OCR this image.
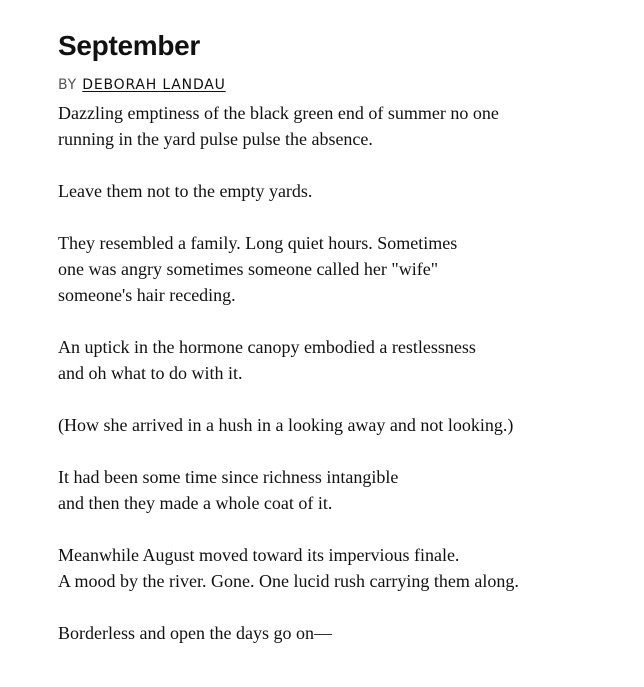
September
BY DEBORAH LANDAU

Dazzling emptiness of the black green end of summer no one
running in the yard pulse pulse the absence.

Leave them not to the empty yards.

They resembled a family. Long quiet hours. Sometimes
one was angry sometimes someone called her "wife"
someone's hair receding.

An uptick in the hormone canopy embodied a restlessness
and oh what to do with it.

(How she arrived in a hush in a looking away and not looking.)

It had been some time since richness intangible
and then they made a whole coat of it.

Meanwhile August moved toward its impervious finale.
A mood by the river. Gone. One lucid rush carrying them along.

Borderless and open the days go on—
